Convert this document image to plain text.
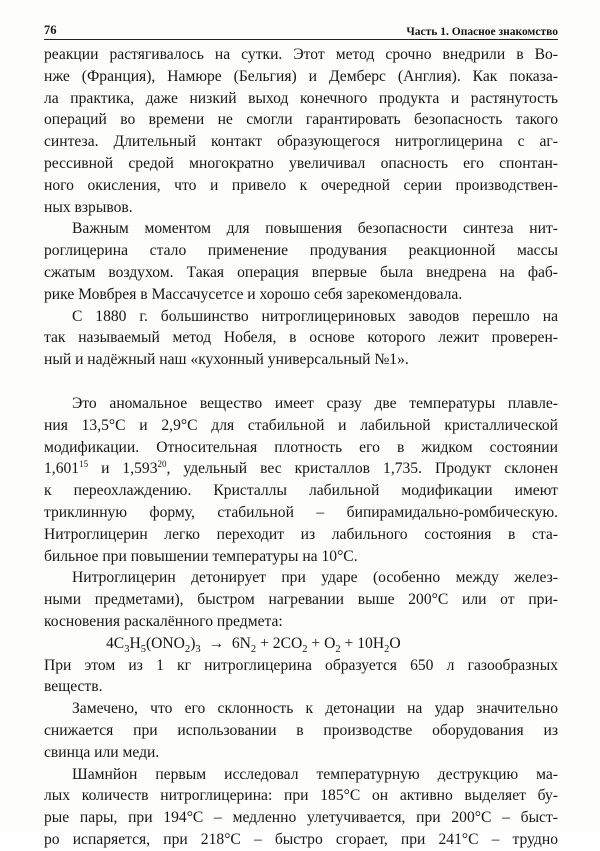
76	Часть 1. Опасное знакомство

реакции растягивалось на сутки. Этот метод срочно внедрили в Во-

нже (Франция), Намюре (Бельгия) и Демберс (Англия). Как показа-

ла практика, даже низкий выход конечного продукта и растянутость

операций во времени не смогли гарантировать безопасность такого

синтеза. Длительный контакт образующегося нитроглицерина с аг-

рессивной средой многократно увеличивал опасность его спонтан-

ного окисления, что и привело к очередной серии производствен-

ных взрывов.

Важным моментом для повышения безопасности синтеза нит-

роглицерина стало применение продувания реакционной массы

сжатым воздухом. Такая операция впервые была внедрена на фаб-

рике Мовбрея в Массачусетсе и хорошо себя зарекомендовала.

С 1880 г. большинство нитроглицериновых заводов перешло на

так называемый метод Нобеля, в основе которого лежит проверен-

ный и надёжный наш «кухонный универсальный №1».

Это аномальное вещество имеет сразу две температуры плавле-

ния 13,5°С и 2,9°С для стабильной и лабильной кристаллической

модификации. Относительная плотность его в жидком состоянии

1,601$^{15}$ и 1,593$^{20}$, удельный вес кристаллов 1,735. Продукт склонен

к переохлаждению. Кристаллы лабильной модификации имеют

триклинную форму, стабильной – бипирамидально-ромбическую.

Нитроглицерин легко переходит из лабильного состояния в ста-

бильное при повышении температуры на 10°С.

Нитроглицерин детонирует при ударе (особенно между желез-

ными предметами), быстром нагревании выше 200°С или от при-

косновения раскалённого предмета:

$4C_3H_5(ONO_2)_3 \to 6N_2 + 2CO_2 + O_2 + 10H_2O$

При этом из 1 кг нитроглицерина образуется 650 л газообразных

веществ.

Замечено, что его склонность к детонации на удар значительно

снижается при использовании в производстве оборудования из

свинца или меди.

Шамнйон первым исследовал температурную деструкцию ма-

лых количеств нитроглицерина: при 185°С он активно выделяет бу-

рые пары, при 194°С – медленно улетучивается, при 200°С – быст-

ро испаряется, при 218°С – быстро сгорает, при 241°С – трудно
